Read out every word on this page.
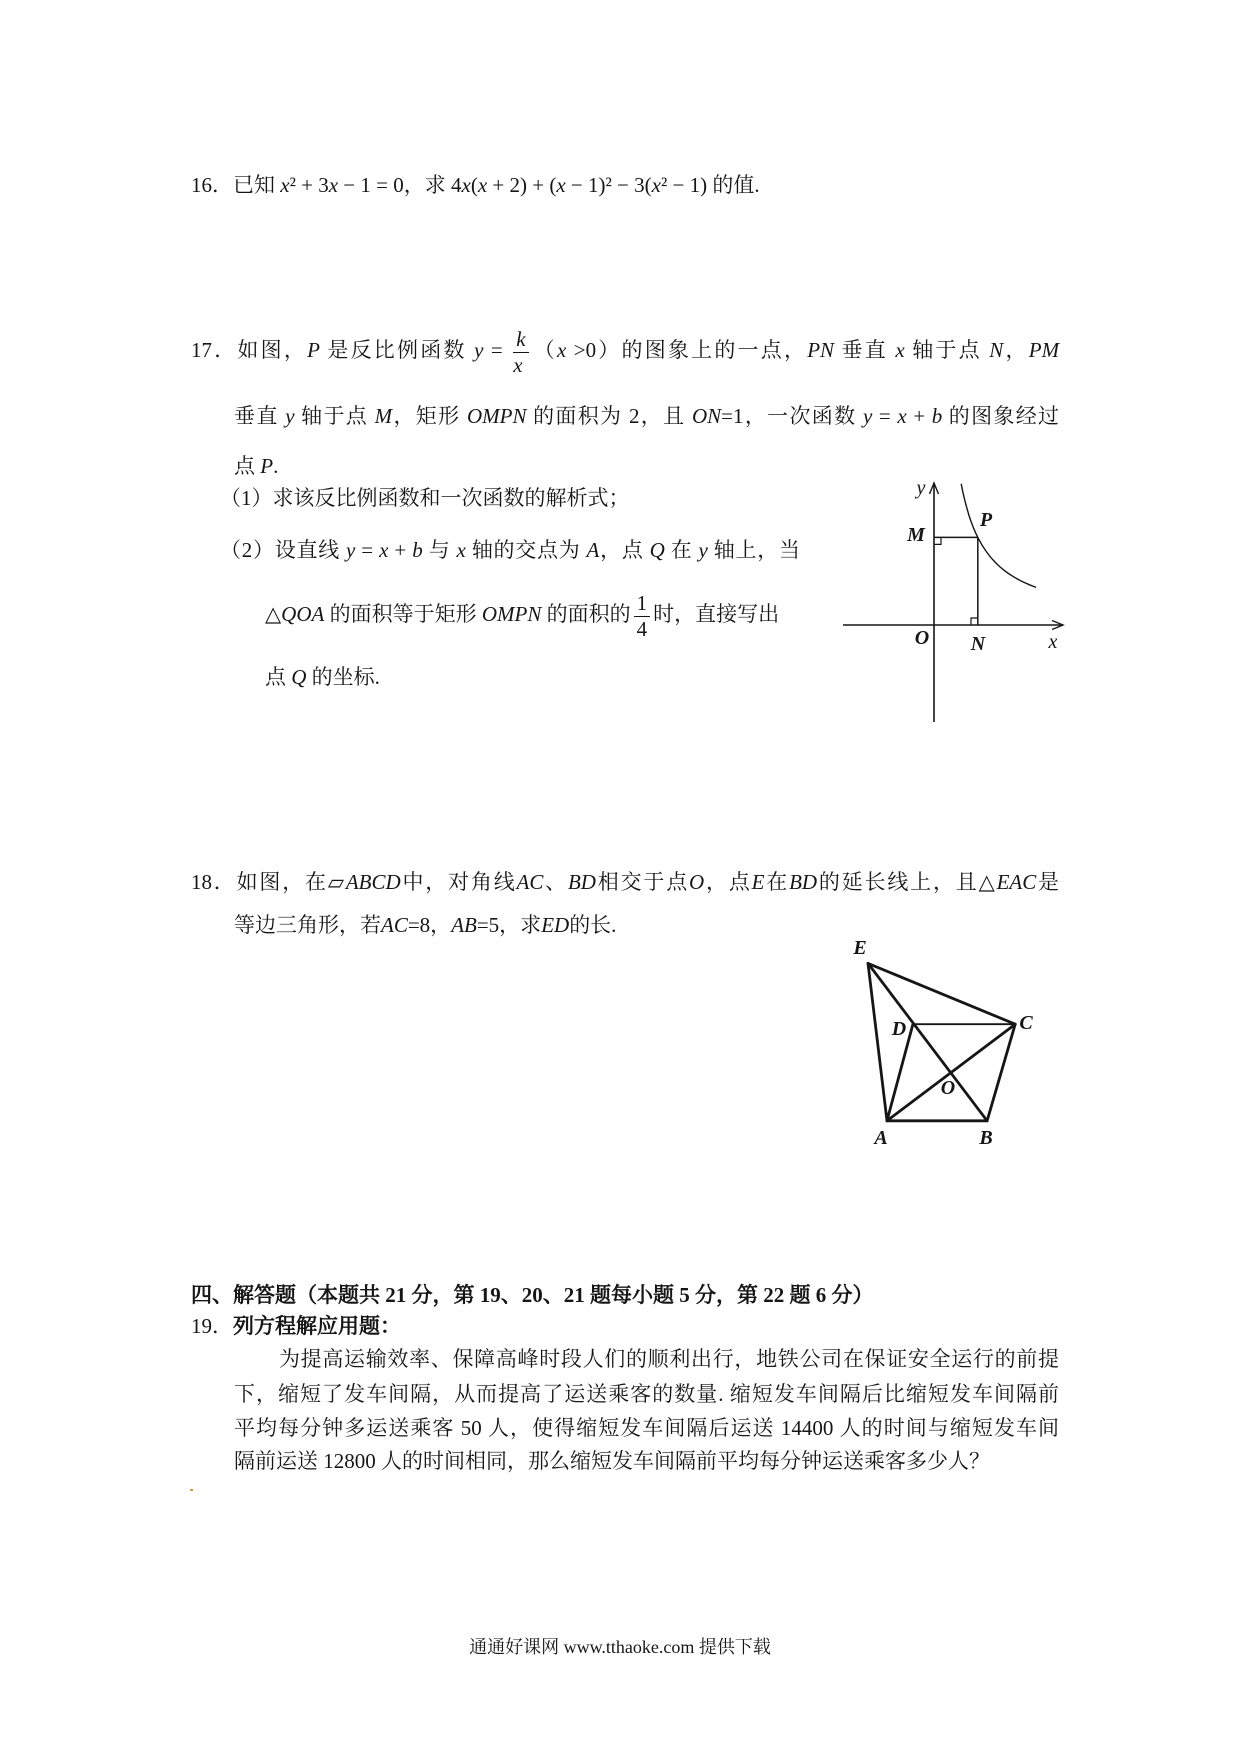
16．已知 x² + 3x − 1 = 0，求 4x(x + 2) + (x − 1)² − 3(x² − 1) 的值.
17．如图，P 是反比例函数 $y = \frac{k}{x} (x >0)$的图象上的一点，PN 垂直 x 轴于点 N，PM
垂直 y 轴于点 M，矩形 OMPN 的面积为 2，且 ON=1，一次函数 y = x + b 的图象经过
点 P.
（1）求该反比例函数和一次函数的解析式；
（2）设直线 y = x + b 与 x 轴的交点为 A，点 Q 在 y 轴上，当
△QOA 的面积等于矩形 OMPN 的面积的 $\frac{1}{4}$ 时，直接写出
点 Q 的坐标.
y
x
O N
M
P
18．如图，在▱ABCD中，对角线AC、BD相交于点O，点E在BD的延长线上，且△EAC是
等边三角形，若AC=8，AB=5，求ED的长.
E
C
D
O
A	B
四、解答题（本题共 21 分，第 19、20、21 题每小题 5 分，第 22 题 6 分）
19．列方程解应用题：
为提高运输效率、保障高峰时段人们的顺利出行，地铁公司在保证安全运行的前提
下，缩短了发车间隔，从而提高了运送乘客的数量. 缩短发车间隔后比缩短发车间隔前
平均每分钟多运送乘客 50 人，使得缩短发车间隔后运送 14400 人的时间与缩短发车间
隔前运送 12800 人的时间相同，那么缩短发车间隔前平均每分钟运送乘客多少人？
通通好课网 www.tthaoke.com 提供下载
